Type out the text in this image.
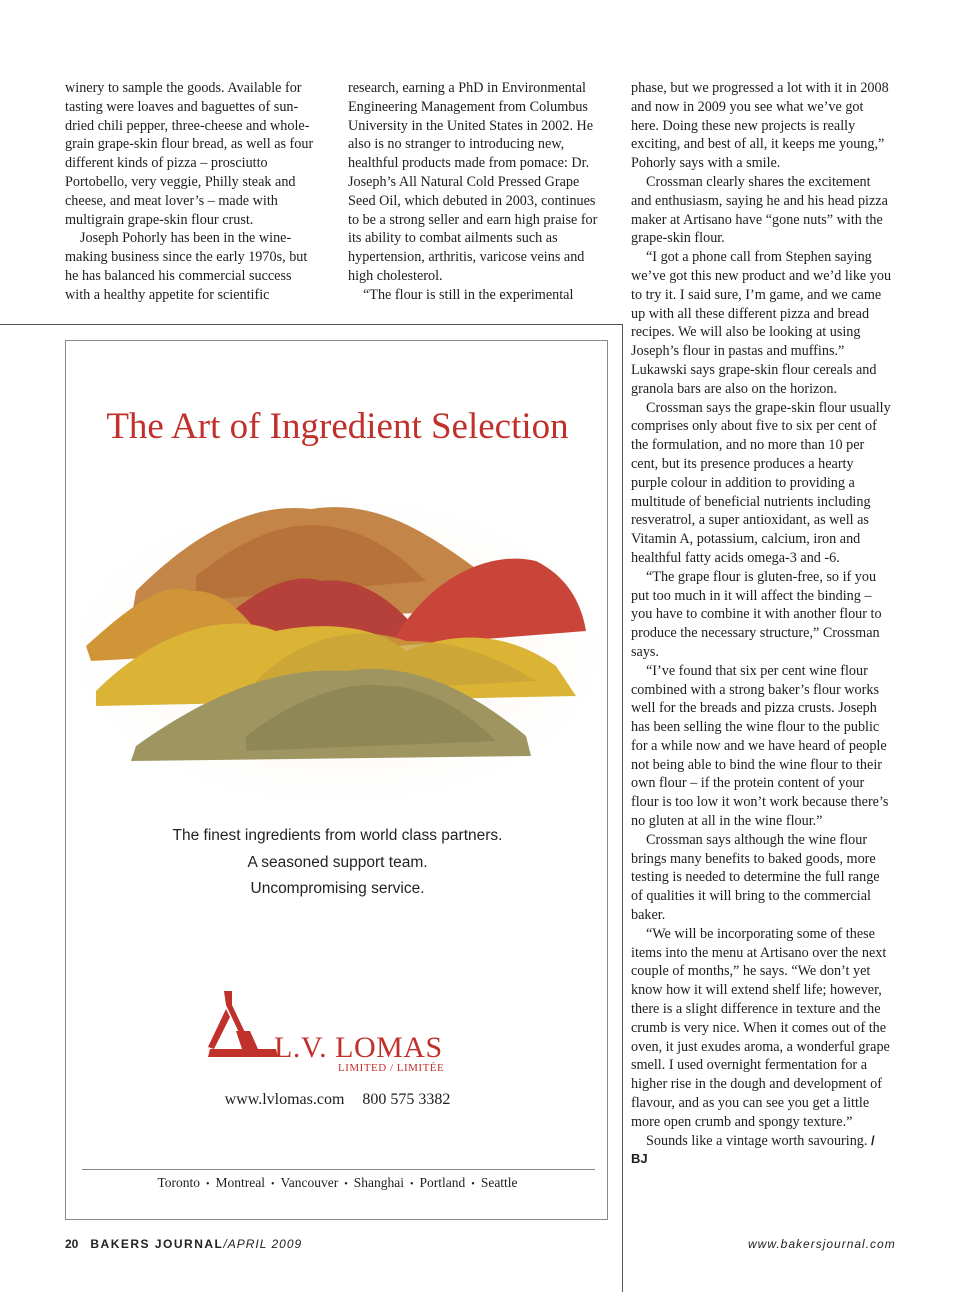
winery to sample the goods. Available for tasting were loaves and baguettes of sun-dried chili pepper, three-cheese and whole-grain grape-skin flour bread, as well as four different kinds of pizza – prosciutto Portobello, very veggie, Philly steak and cheese, and meat lover’s – made with multigrain grape-skin flour crust.

Joseph Pohorly has been in the wine-making business since the early 1970s, but he has balanced his commercial success with a healthy appetite for scientific

research, earning a PhD in Environmental Engineering Management from Columbus University in the United States in 2002. He also is no stranger to introducing new, healthful products made from pomace: Dr. Joseph’s All Natural Cold Pressed Grape Seed Oil, which debuted in 2003, continues to be a strong seller and earn high praise for its ability to combat ailments such as hypertension, arthritis, varicose veins and high cholesterol.

“The flour is still in the experimental

phase, but we progressed a lot with it in 2008 and now in 2009 you see what we’ve got here. Doing these new projects is really exciting, and best of all, it keeps me young,” Pohorly says with a smile.

Crossman clearly shares the excitement and enthusiasm, saying he and his head pizza maker at Artisano have “gone nuts” with the grape-skin flour.

“I got a phone call from Stephen saying we’ve got this new product and we’d like you to try it. I said sure, I’m game, and we came up with all these different pizza and bread recipes. We will also be looking at using Joseph’s flour in pastas and muffins.” Lukawski says grape-skin flour cereals and granola bars are also on the horizon.

Crossman says the grape-skin flour usually comprises only about five to six per cent of the formulation, and no more than 10 per cent, but its presence produces a hearty purple colour in addition to providing a multitude of beneficial nutrients including resveratrol, a super antioxidant, as well as Vitamin A, potassium, calcium, iron and healthful fatty acids omega-3 and -6.

“The grape flour is gluten-free, so if you put too much in it will affect the binding – you have to combine it with another flour to produce the necessary structure,” Crossman says.

“I’ve found that six per cent wine flour combined with a strong baker’s flour works well for the breads and pizza crusts. Joseph has been selling the wine flour to the public for a while now and we have heard of people not being able to bind the wine flour to their own flour – if the protein content of your flour is too low it won’t work because there’s no gluten at all in the wine flour.”

Crossman says although the wine flour brings many benefits to baked goods, more testing is needed to determine the full range of qualities it will bring to the commercial baker.

“We will be incorporating some of these items into the menu at Artisano over the next couple of months,” he says. “We don’t yet know how it will extend shelf life; however, there is a slight difference in texture and the crumb is very nice. When it comes out of the oven, it just exudes aroma, a wonderful grape smell. I used overnight fermentation for a higher rise in the dough and development of flavour, and as you can see you get a little more open crumb and spongy texture.”

Sounds like a vintage worth savouring. / BJ

The Art of Ingredient Selection
The finest ingredients from world class partners.
A seasoned support team.
Uncompromising service.
L.V. LOMAS
LIMITED / LIMITÉE
www.lvlomas.com 800 575 3382
Toronto • Montreal • Vancouver • Shanghai • Portland • Seattle
20 BAKERS JOURNAL/APRIL 2009	www.bakersjournal.com
